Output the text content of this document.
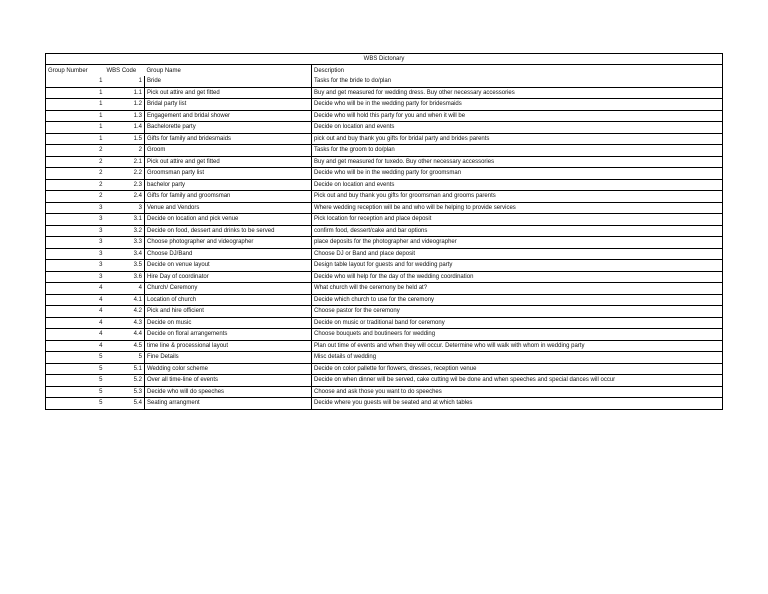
WBS Dictonary			
Group Number	WBS Code	Group Name	Description
1	1	Bride	Tasks for the bride to do/plan
1	1.1	Pick out attire and get fitted	Buy and get measured for wedding dress. Buy other necessary accessories
1	1.2	Bridal party list	Decide who will be in the wedding party for bridesmaids
1	1.3	Engagement and bridal shower	Decide who will hold this party for you and when it will be
1	1.4	Bachelorette party	Decide on location and events
1	1.5	Gifts for family and bridesmaids	pick out and buy thank you gifts for bridal party and brides parents
2	2	Groom	Tasks for the groom to do/plan
2	2.1	Pick out attire and get fitted	Buy and get measured for tuxedo. Buy other necessary accessories
2	2.2	Groomsman party list	Decide who will be in the wedding party for groomsman
2	2.3	bachelor party	Decide on location and events
2	2.4	Gifts for family and groomsman	Pick out and buy thank you gifts for groomsman and grooms parents
3	3	Venue and Vendors	Where wedding reception will be and who will be helping to provide services
3	3.1	Decide on location and pick venue	Pick location for reception and place deposit
3	3.2	Decide on food, dessert and drinks to be served	confirm food, dessert/cake and bar options
3	3.3	Choose photographer and videographer	place deposits for the photographer and videographer
3	3.4	Choose DJ/Band	Choose DJ or Band and place deposit
3	3.5	Decide on venue layout	Design table layout for guests and for wedding party
3	3.6	Hire Day of coordinator	Decide who will help for the day of the wedding coordination
4	4	Church/ Ceremony	What church will the ceremony be held at?
4	4.1	Location of church	Decide which church to use for the ceremony
4	4.2	Pick and hire officient	Choose pastor for the ceremony
4	4.3	Decide on music	Decide on music or traditional band for ceremony
4	4.4	Decide on floral arrangements	Choose bouquets and boutineers for wedding
4	4.5	time line & processional layout	Plan out time of events and when they will occur. Determine who will walk with whom in wedding party
5	5	Fine Details	Misc details of wedding
5	5.1	Wedding color scheme	Decide on color pallette for flowers, dresses, reception venue
5	5.2	Over all time-line of events	Decide on when dinner will be served, cake cutting wil be done and when speeches and special dances will occur
5	5.3	Decide who will do speeches	Choose and ask those you want to do speeches
5	5.4	Seating arrangment	Decide where you guests will be seated and at which tables
